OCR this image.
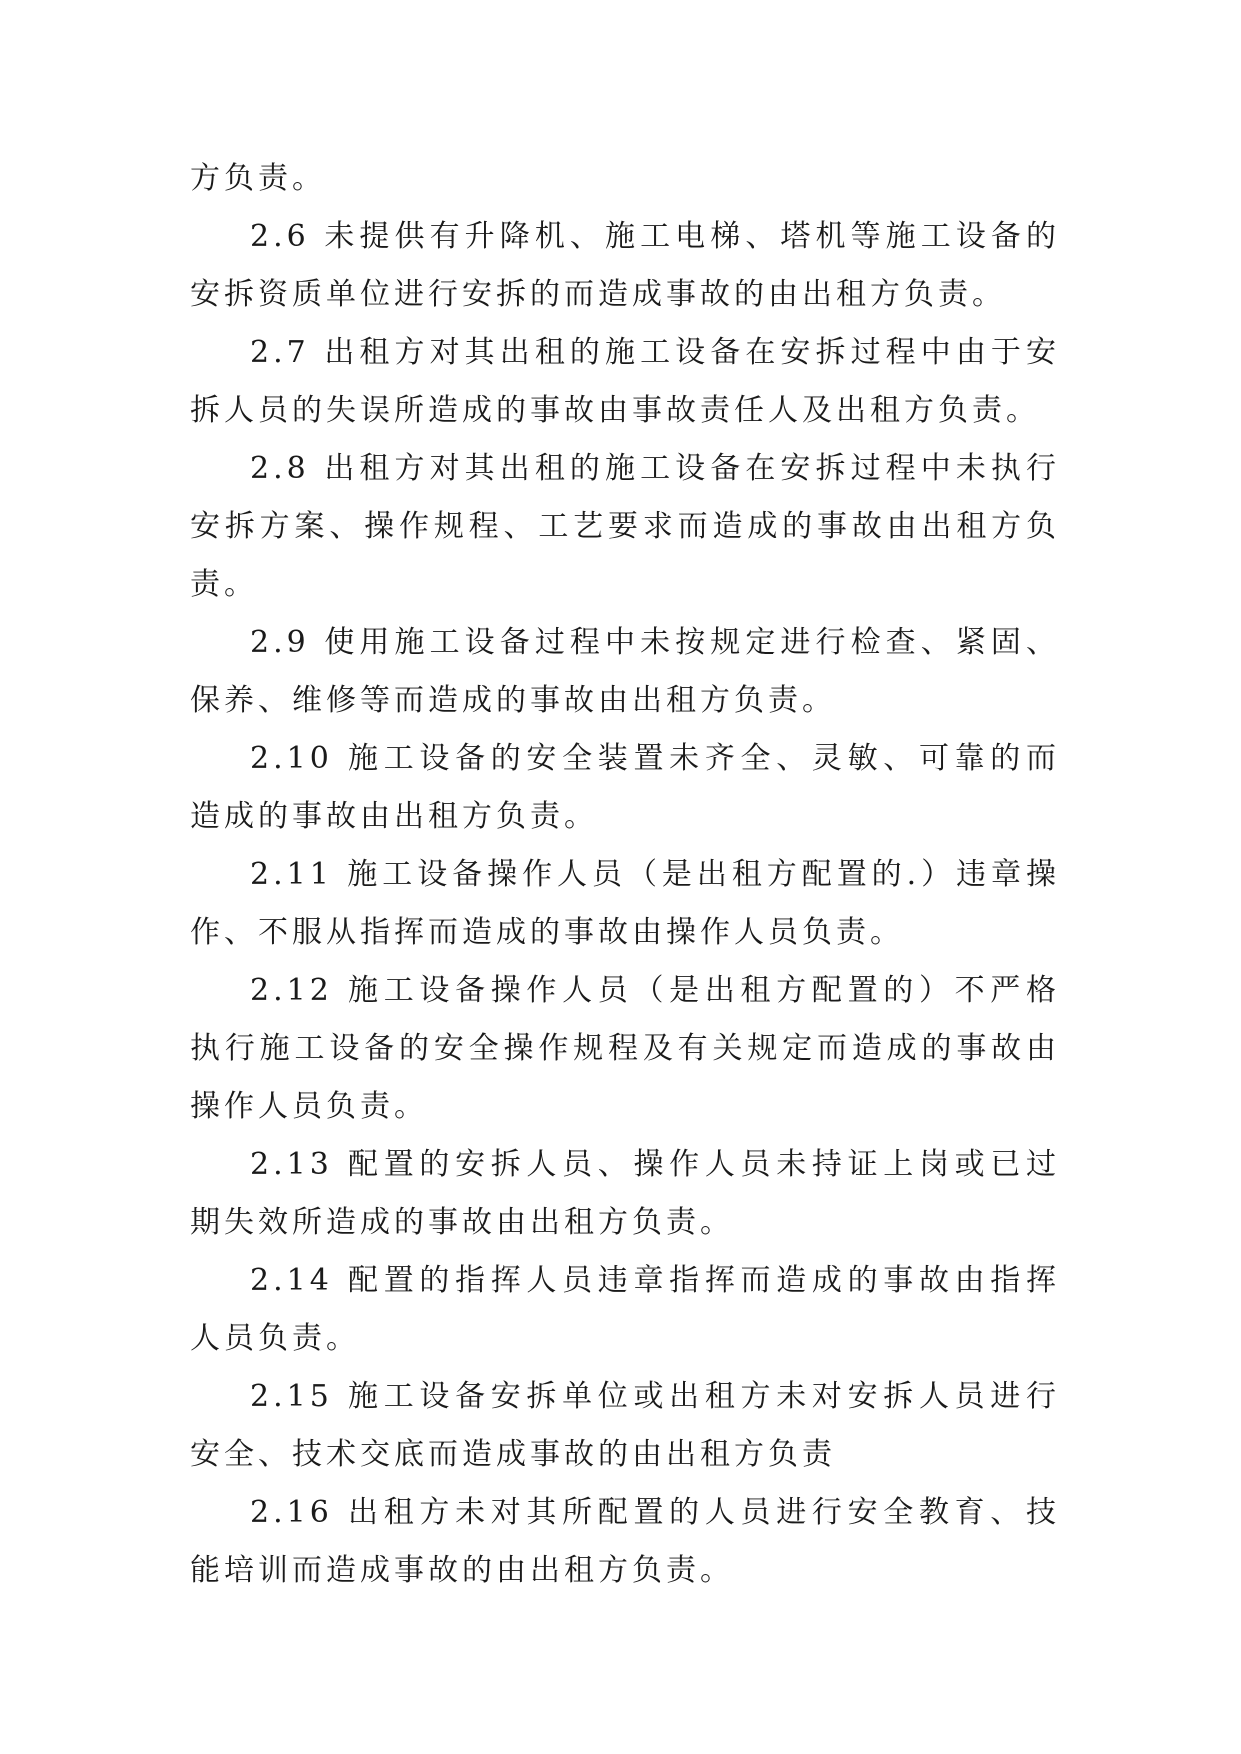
方负责。

2.6 未提供有升降机、施工电梯、塔机等施工设备的安拆资质单位进行安拆的而造成事故的由出租方负责。

2.7 出租方对其出租的施工设备在安拆过程中由于安拆人员的失误所造成的事故由事故责任人及出租方负责。

2.8 出租方对其出租的施工设备在安拆过程中未执行安拆方案、操作规程、工艺要求而造成的事故由出租方负责。

2.9 使用施工设备过程中未按规定进行检查、紧固、保养、维修等而造成的事故由出租方负责。

2.10 施工设备的安全装置未齐全、灵敏、可靠的而造成的事故由出租方负责。

2.11 施工设备操作人员（是出租方配置的.）违章操作、不服从指挥而造成的事故由操作人员负责。

2.12 施工设备操作人员（是出租方配置的）不严格执行施工设备的安全操作规程及有关规定而造成的事故由操作人员负责。

2.13 配置的安拆人员、操作人员未持证上岗或已过期失效所造成的事故由出租方负责。

2.14 配置的指挥人员违章指挥而造成的事故由指挥人员负责。

2.15 施工设备安拆单位或出租方未对安拆人员进行安全、技术交底而造成事故的由出租方负责

2.16 出租方未对其所配置的人员进行安全教育、技能培训而造成事故的由出租方负责。
